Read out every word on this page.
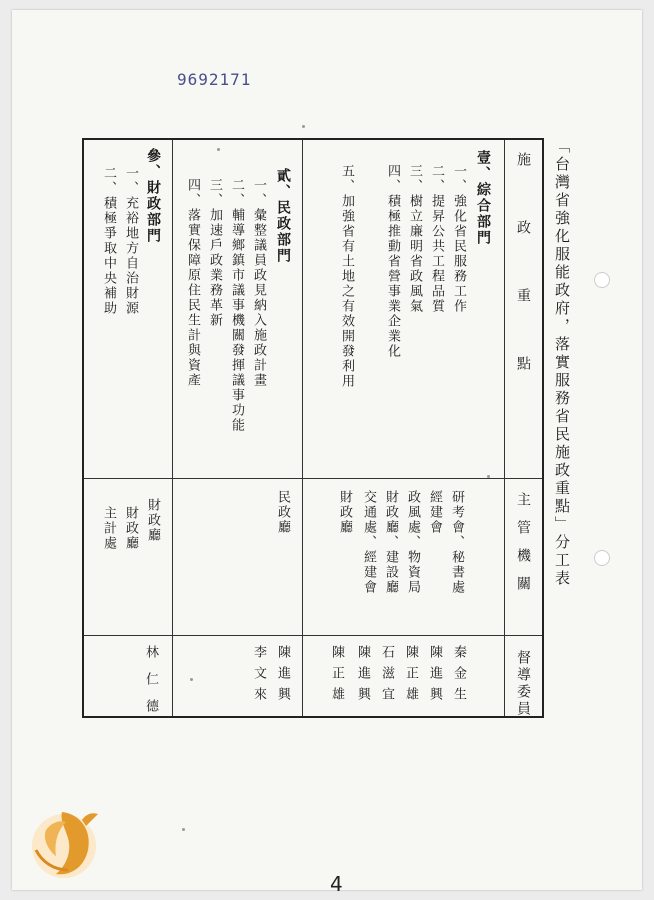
9692171
「台灣省強化服能政府，落實服務省民施政重點」分工表
施政重點
主管機關
督導委員
壹、綜合部門
一、強化省民服務工作
二、提昇公共工程品質
三、樹立廉明省政風氣
四、積極推動省營事業企業化
五、加強省有土地之有效開發利用
研考會、秘書處
經建會
政風處、物資局
財政廳、建設廳
交通處、經建會
財政廳
秦金生
陳進興
陳正雄
石滋宜
陳進興
陳正雄
貳、民政部門
一、彙整議員政見納入施政計畫
二、輔導鄉鎮市議事機關發揮議事功能
三、加速戶政業務革新
四、落實保障原住民生計與資產
民政廳
陳進興
李文來
參、財政部門
一、充裕地方自治財源
二、積極爭取中央補助
財政廳
財政廳
主計處
林仁德
4
